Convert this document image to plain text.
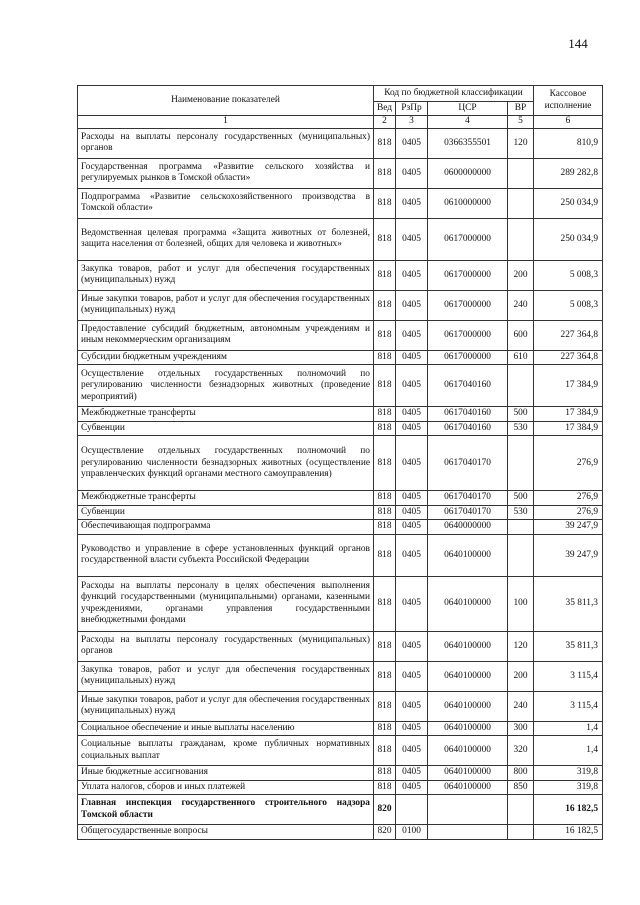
144
Наименование показателей	Код по бюджетной классификации				Кассовое исполнение
	Вед	РзПр	ЦСР	ВР	
1	2	3	4	5	6
Расходы на выплаты персоналу государственных (муниципальных) органов	818	0405	0366355501	120	810,9
Государственная программа «Развитие сельского хозяйства и регулируемых рынков в Томской области»	818	0405	0600000000		289 282,8
Подпрограмма «Развитие сельскохозяйственного производства в Томской области»	818	0405	0610000000		250 034,9
Ведомственная целевая программа «Защита животных от болезней, защита населения от болезней, общих для человека и животных»	818	0405	0617000000		250 034,9
Закупка товаров, работ и услуг для обеспечения государственных (муниципальных) нужд	818	0405	0617000000	200	5 008,3
Иные закупки товаров, работ и услуг для обеспечения государственных (муниципальных) нужд	818	0405	0617000000	240	5 008,3
Предоставление субсидий бюджетным, автономным учреждениям и иным некоммерческим организациям	818	0405	0617000000	600	227 364,8
Субсидии бюджетным учреждениям	818	0405	0617000000	610	227 364,8
Осуществление отдельных государственных полномочий по регулированию численности безнадзорных животных (проведение мероприятий)	818	0405	0617040160		17 384,9
Межбюджетные трансферты	818	0405	0617040160	500	17 384,9
Субвенции	818	0405	0617040160	530	17 384,9
Осуществление отдельных государственных полномочий по регулированию численности безнадзорных животных (осуществление управленческих функций органами местного самоуправления)	818	0405	0617040170		276,9
Межбюджетные трансферты	818	0405	0617040170	500	276,9
Субвенции	818	0405	0617040170	530	276,9
Обеспечивающая подпрограмма	818	0405	0640000000		39 247,9
Руководство и управление в сфере установленных функций органов государственной власти субъекта Российской Федерации	818	0405	0640100000		39 247,9
Расходы на выплаты персоналу в целях обеспечения выполнения функций государственными (муниципальными) органами, казенными учреждениями, органами управления государственными внебюджетными фондами	818	0405	0640100000	100	35 811,3
Расходы на выплаты персоналу государственных (муниципальных) органов	818	0405	0640100000	120	35 811,3
Закупка товаров, работ и услуг для обеспечения государственных (муниципальных) нужд	818	0405	0640100000	200	3 115,4
Иные закупки товаров, работ и услуг для обеспечения государственных (муниципальных) нужд	818	0405	0640100000	240	3 115,4
Социальное обеспечение и иные выплаты населению	818	0405	0640100000	300	1,4
Социальные выплаты гражданам, кроме публичных нормативных социальных выплат	818	0405	0640100000	320	1,4
Иные бюджетные ассигнования	818	0405	0640100000	800	319,8
Уплата налогов, сборов и иных платежей	818	0405	0640100000	850	319,8
Главная инспекция государственного строительного надзора Томской области	820				16 182,5
Общегосударственные вопросы	820	0100			16 182,5
